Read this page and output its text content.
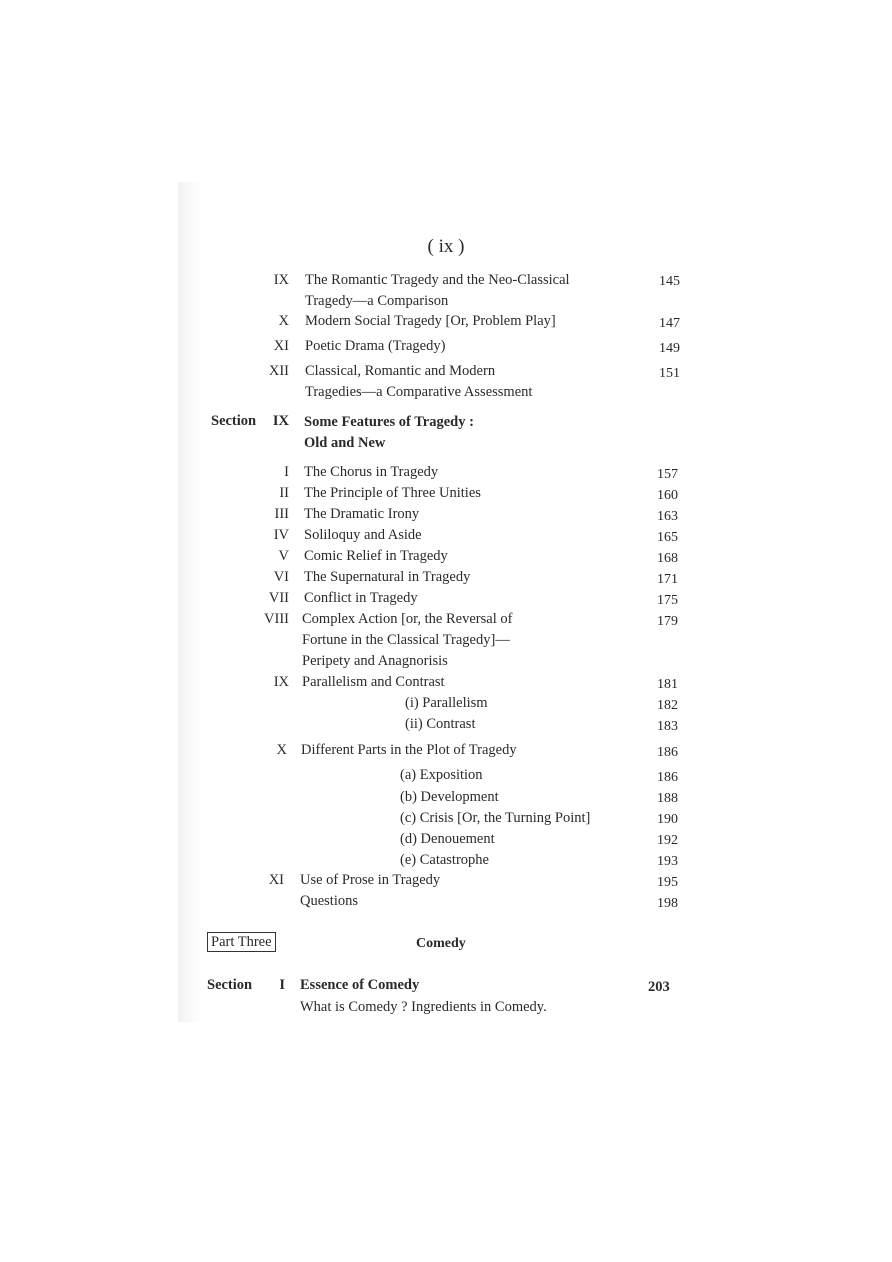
( ix )
IX The Romantic Tragedy and the Neo-Classical
Tragedy—a Comparison
145
X Modern Social Tragedy [Or, Problem Play]	147
XI Poetic Drama (Tragedy)	149
XII Classical, Romantic and Modern
Tragedies—a Comparative Assessment
151
Section	IX Some Features of Tragedy :
Old and New
I The Chorus in Tragedy	157
II The Principle of Three Unities	160
III The Dramatic Irony	163
IV Soliloquy and Aside	165
V Comic Relief in Tragedy	168
VI The Supernatural in Tragedy	171
VII Conflict in Tragedy	175
VIII Complex Action [or, the Reversal of
Fortune in the Classical Tragedy]—
Peripety and Anagnorisis
179
IX Parallelism and Contrast	181
(i) Parallelism	182
(ii) Contrast	183
X Different Parts in the Plot of Tragedy	186
(a) Exposition	186
(b) Development	188
(c) Crisis [Or, the Turning Point]	190
(d) Denouement	192
(e) Catastrophe	193
XI Use of Prose in Tragedy	195
Questions	198
Part Three	Comedy
Section	I Essence of Comedy	203
What is Comedy ? Ingredients in Comedy.
